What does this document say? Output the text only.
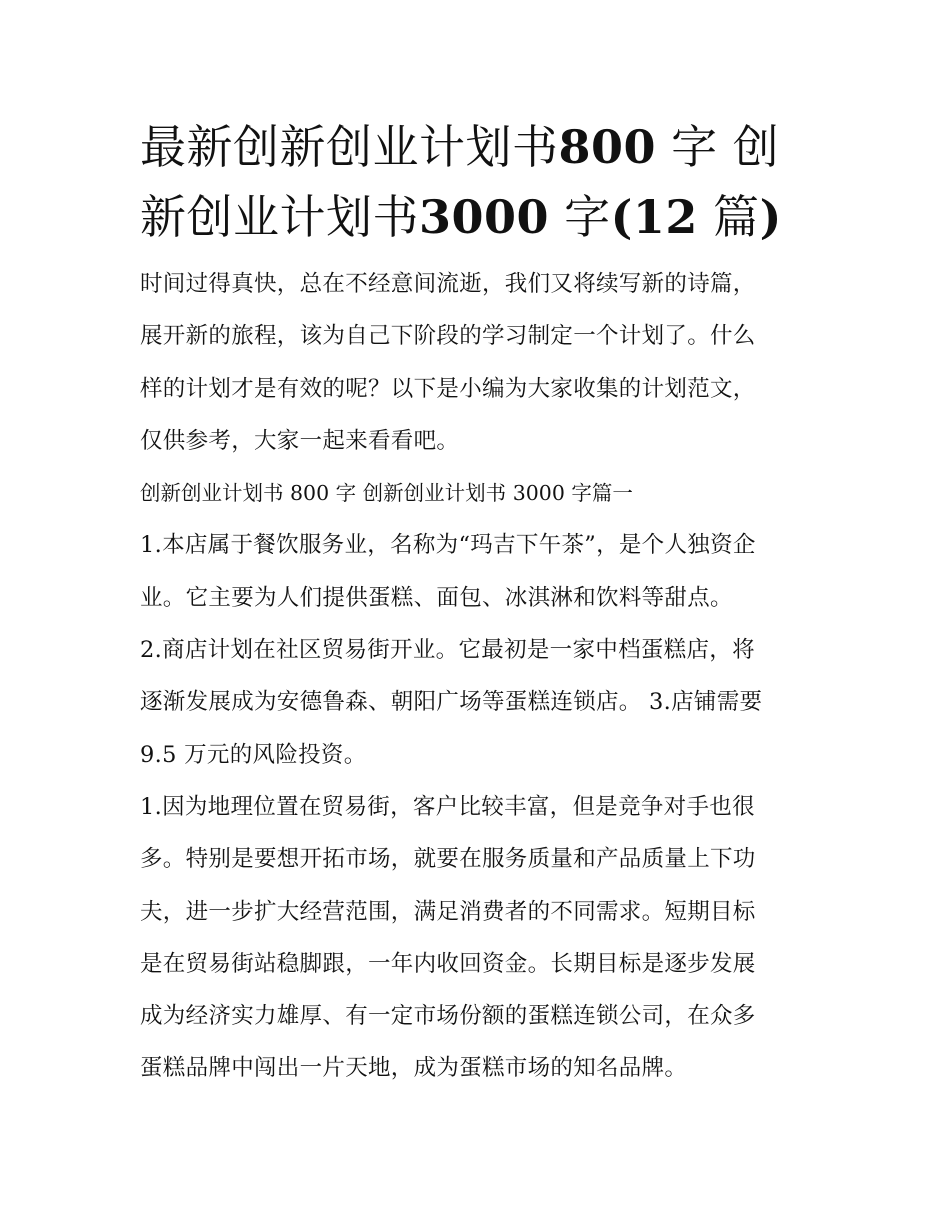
最新创新创业计划书800 字 创
新创业计划书3000 字(12 篇)

时间过得真快，总在不经意间流逝，我们又将续写新的诗篇，
展开新的旅程，该为自己下阶段的学习制定一个计划了。什么
样的计划才是有效的呢？以下是小编为大家收集的计划范文，
仅供参考，大家一起来看看吧。

创新创业计划书 800 字 创新创业计划书 3000 字篇一

1.本店属于餐饮服务业，名称为“玛吉下午茶”，是个人独资企
业。它主要为人们提供蛋糕、面包、冰淇淋和饮料等甜点。
2.商店计划在社区贸易街开业。它最初是一家中档蛋糕店，将
逐渐发展成为安德鲁森、朝阳广场等蛋糕连锁店。 3.店铺需要
9.5 万元的风险投资。

1.因为地理位置在贸易街，客户比较丰富，但是竞争对手也很
多。特别是要想开拓市场，就要在服务质量和产品质量上下功
夫，进一步扩大经营范围，满足消费者的不同需求。短期目标
是在贸易街站稳脚跟，一年内收回资金。长期目标是逐步发展
成为经济实力雄厚、有一定市场份额的蛋糕连锁公司，在众多
蛋糕品牌中闯出一片天地，成为蛋糕市场的知名品牌。
